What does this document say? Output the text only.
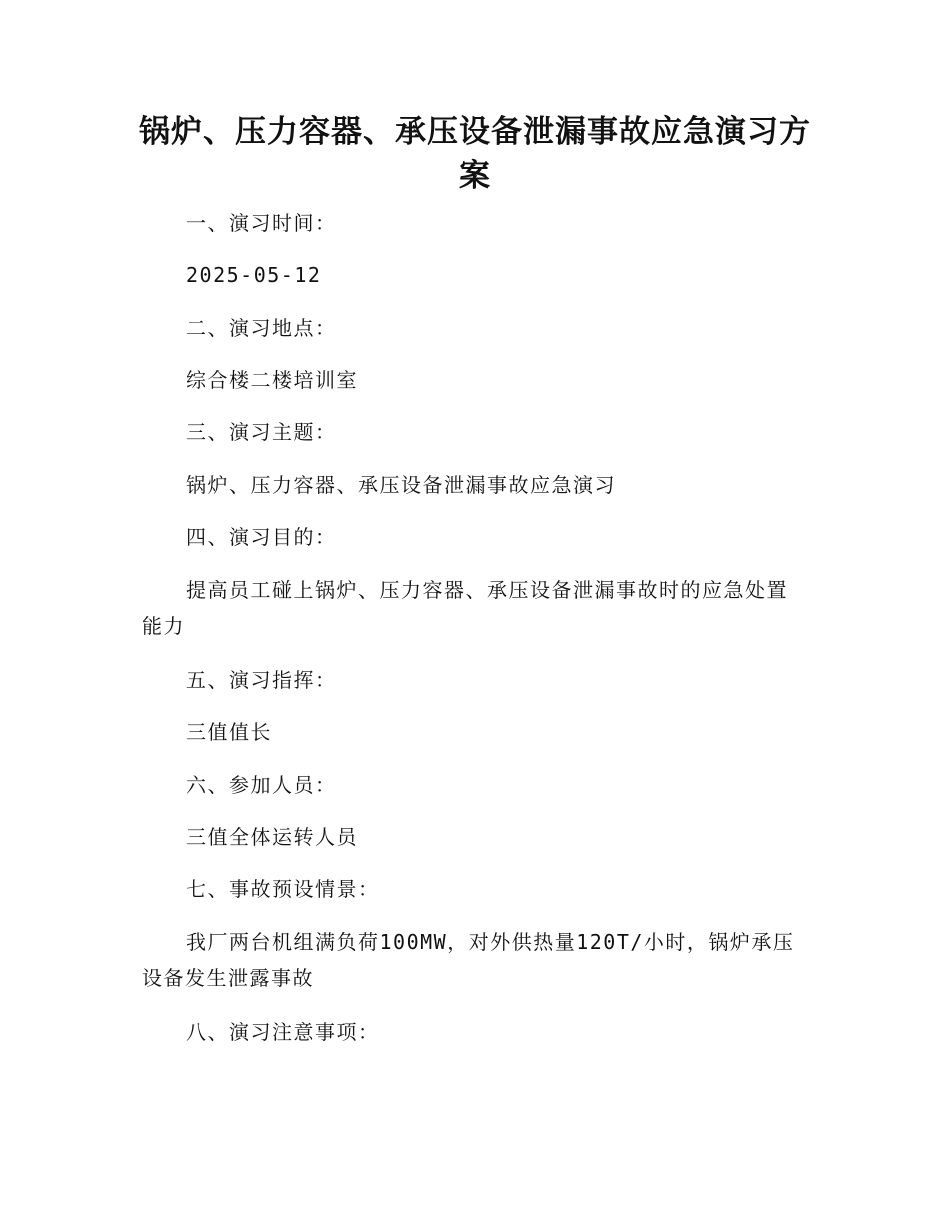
锅炉、压力容器、承压设备泄漏事故应急演习方案

一、演习时间：

2025-05-12

二、演习地点：

综合楼二楼培训室

三、演习主题：

锅炉、压力容器、承压设备泄漏事故应急演习

四、演习目的：

提高员工碰上锅炉、压力容器、承压设备泄漏事故时的应急处置能力

五、演习指挥：

三值值长

六、参加人员：

三值全体运转人员

七、事故预设情景：

我厂两台机组满负荷100MW，对外供热量120T/小时，锅炉承压设备发生泄露事故

八、演习注意事项：
